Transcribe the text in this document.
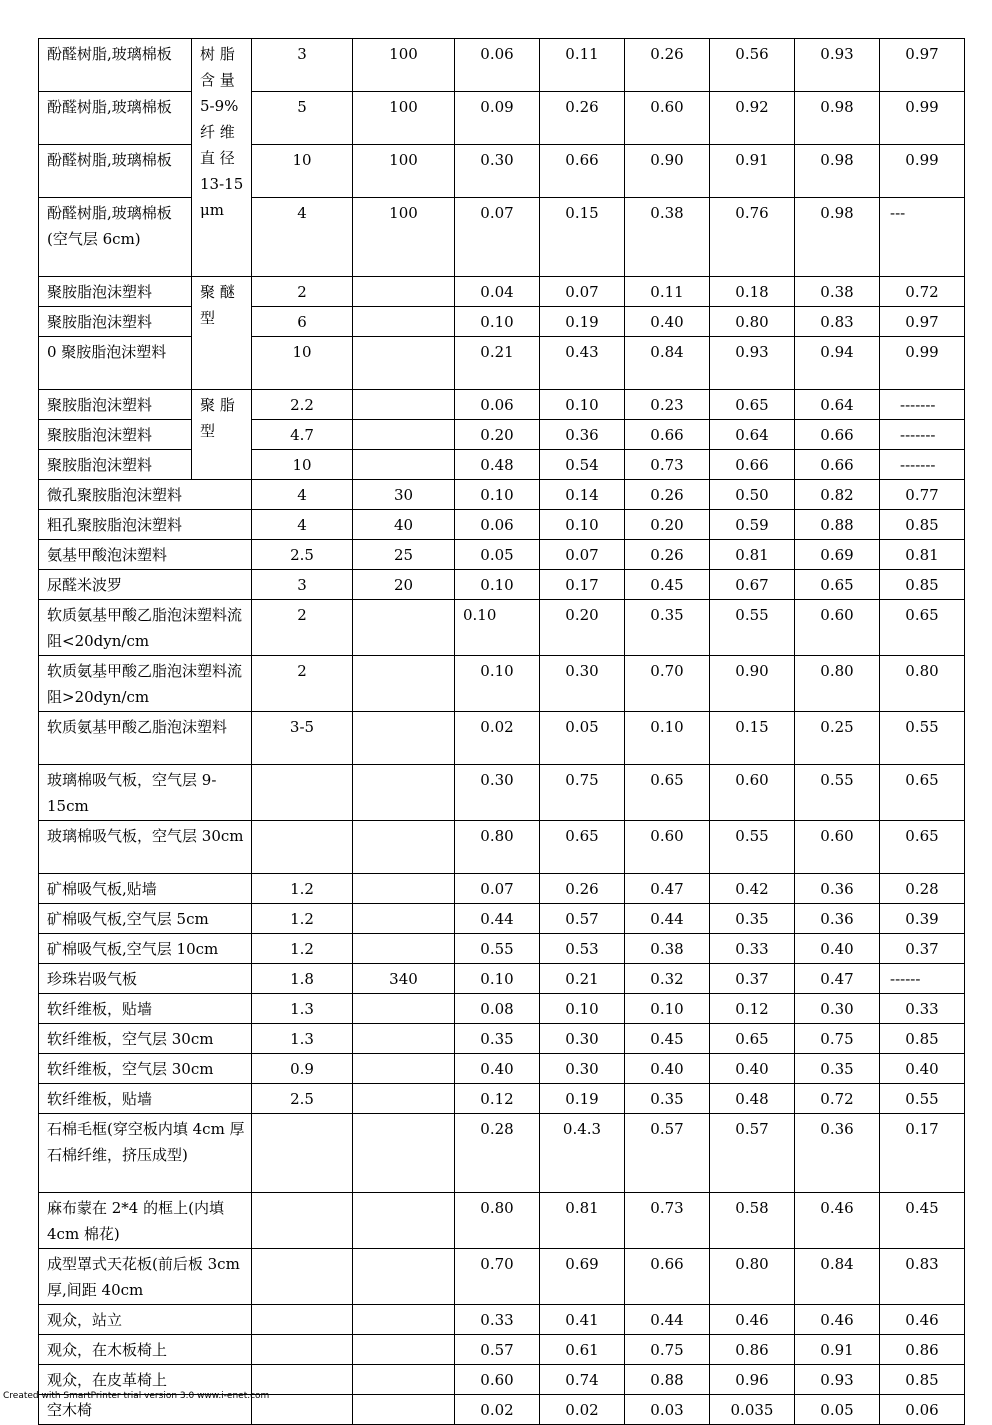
酚醛树脂,玻璃棉板	树 脂 含 量 5-9% 纤 维 直 径 13-15 μm	3	100	0.06	0.11	0.26	0.56	0.93	0.97
酚醛树脂,玻璃棉板		5	100	0.09	0.26	0.60	0.92	0.98	0.99
酚醛树脂,玻璃棉板		10	100	0.30	0.66	0.90	0.91	0.98	0.99
酚醛树脂,玻璃棉板 (空气层 6cm)		4	100	0.07	0.15	0.38	0.76	0.98	---
聚胺脂泡沫塑料	聚 醚 型	2		0.04	0.07	0.11	0.18	0.38	0.72
聚胺脂泡沫塑料		6		0.10	0.19	0.40	0.80	0.83	0.97
0 聚胺脂泡沫塑料		10		0.21	0.43	0.84	0.93	0.94	0.99
聚胺脂泡沫塑料	聚 脂 型	2.2		0.06	0.10	0.23	0.65	0.64	-------
聚胺脂泡沫塑料		4.7		0.20	0.36	0.66	0.64	0.66	-------
聚胺脂泡沫塑料		10		0.48	0.54	0.73	0.66	0.66	-------
微孔聚胺脂泡沫塑料		4	30	0.10	0.14	0.26	0.50	0.82	0.77
粗孔聚胺脂泡沫塑料		4	40	0.06	0.10	0.20	0.59	0.88	0.85
氨基甲酸泡沫塑料		2.5	25	0.05	0.07	0.26	0.81	0.69	0.81
尿醛米波罗		3	20	0.10	0.17	0.45	0.67	0.65	0.85
软质氨基甲酸乙脂泡沫塑料流阻<20dyn/cm		2		0.10	0.20	0.35	0.55	0.60	0.65
软质氨基甲酸乙脂泡沫塑料流阻>20dyn/cm		2		0.10	0.30	0.70	0.90	0.80	0.80
软质氨基甲酸乙脂泡沫塑料		3-5		0.02	0.05	0.10	0.15	0.25	0.55
玻璃棉吸气板，空气层 9-15cm				0.30	0.75	0.65	0.60	0.55	0.65
玻璃棉吸气板，空气层 30cm				0.80	0.65	0.60	0.55	0.60	0.65
矿棉吸气板,贴墙		1.2		0.07	0.26	0.47	0.42	0.36	0.28
矿棉吸气板,空气层 5cm		1.2		0.44	0.57	0.44	0.35	0.36	0.39
矿棉吸气板,空气层 10cm		1.2		0.55	0.53	0.38	0.33	0.40	0.37
珍珠岩吸气板		1.8	340	0.10	0.21	0.32	0.37	0.47	------
软纤维板，贴墙		1.3		0.08	0.10	0.10	0.12	0.30	0.33
软纤维板，空气层 30cm		1.3		0.35	0.30	0.45	0.65	0.75	0.85
软纤维板，空气层 30cm		0.9		0.40	0.30	0.40	0.40	0.35	0.40
软纤维板，贴墙		2.5		0.12	0.19	0.35	0.48	0.72	0.55
石棉毛框(穿空板内填 4cm 厚石棉纤维，挤压成型)				0.28	0.4.3	0.57	0.57	0.36	0.17
麻布蒙在 2*4 的框上(内填 4cm 棉花)				0.80	0.81	0.73	0.58	0.46	0.45
成型罩式天花板(前后板 3cm 厚,间距 40cm				0.70	0.69	0.66	0.80	0.84	0.83
观众，站立				0.33	0.41	0.44	0.46	0.46	0.46
观众，在木板椅上				0.57	0.61	0.75	0.86	0.91	0.86
观众，在皮革椅上				0.60	0.74	0.88	0.96	0.93	0.85
空木椅				0.02	0.02	0.03	0.035	0.05	0.06
Created with SmartPrinter trial version 3.0 www.i-enet.com
